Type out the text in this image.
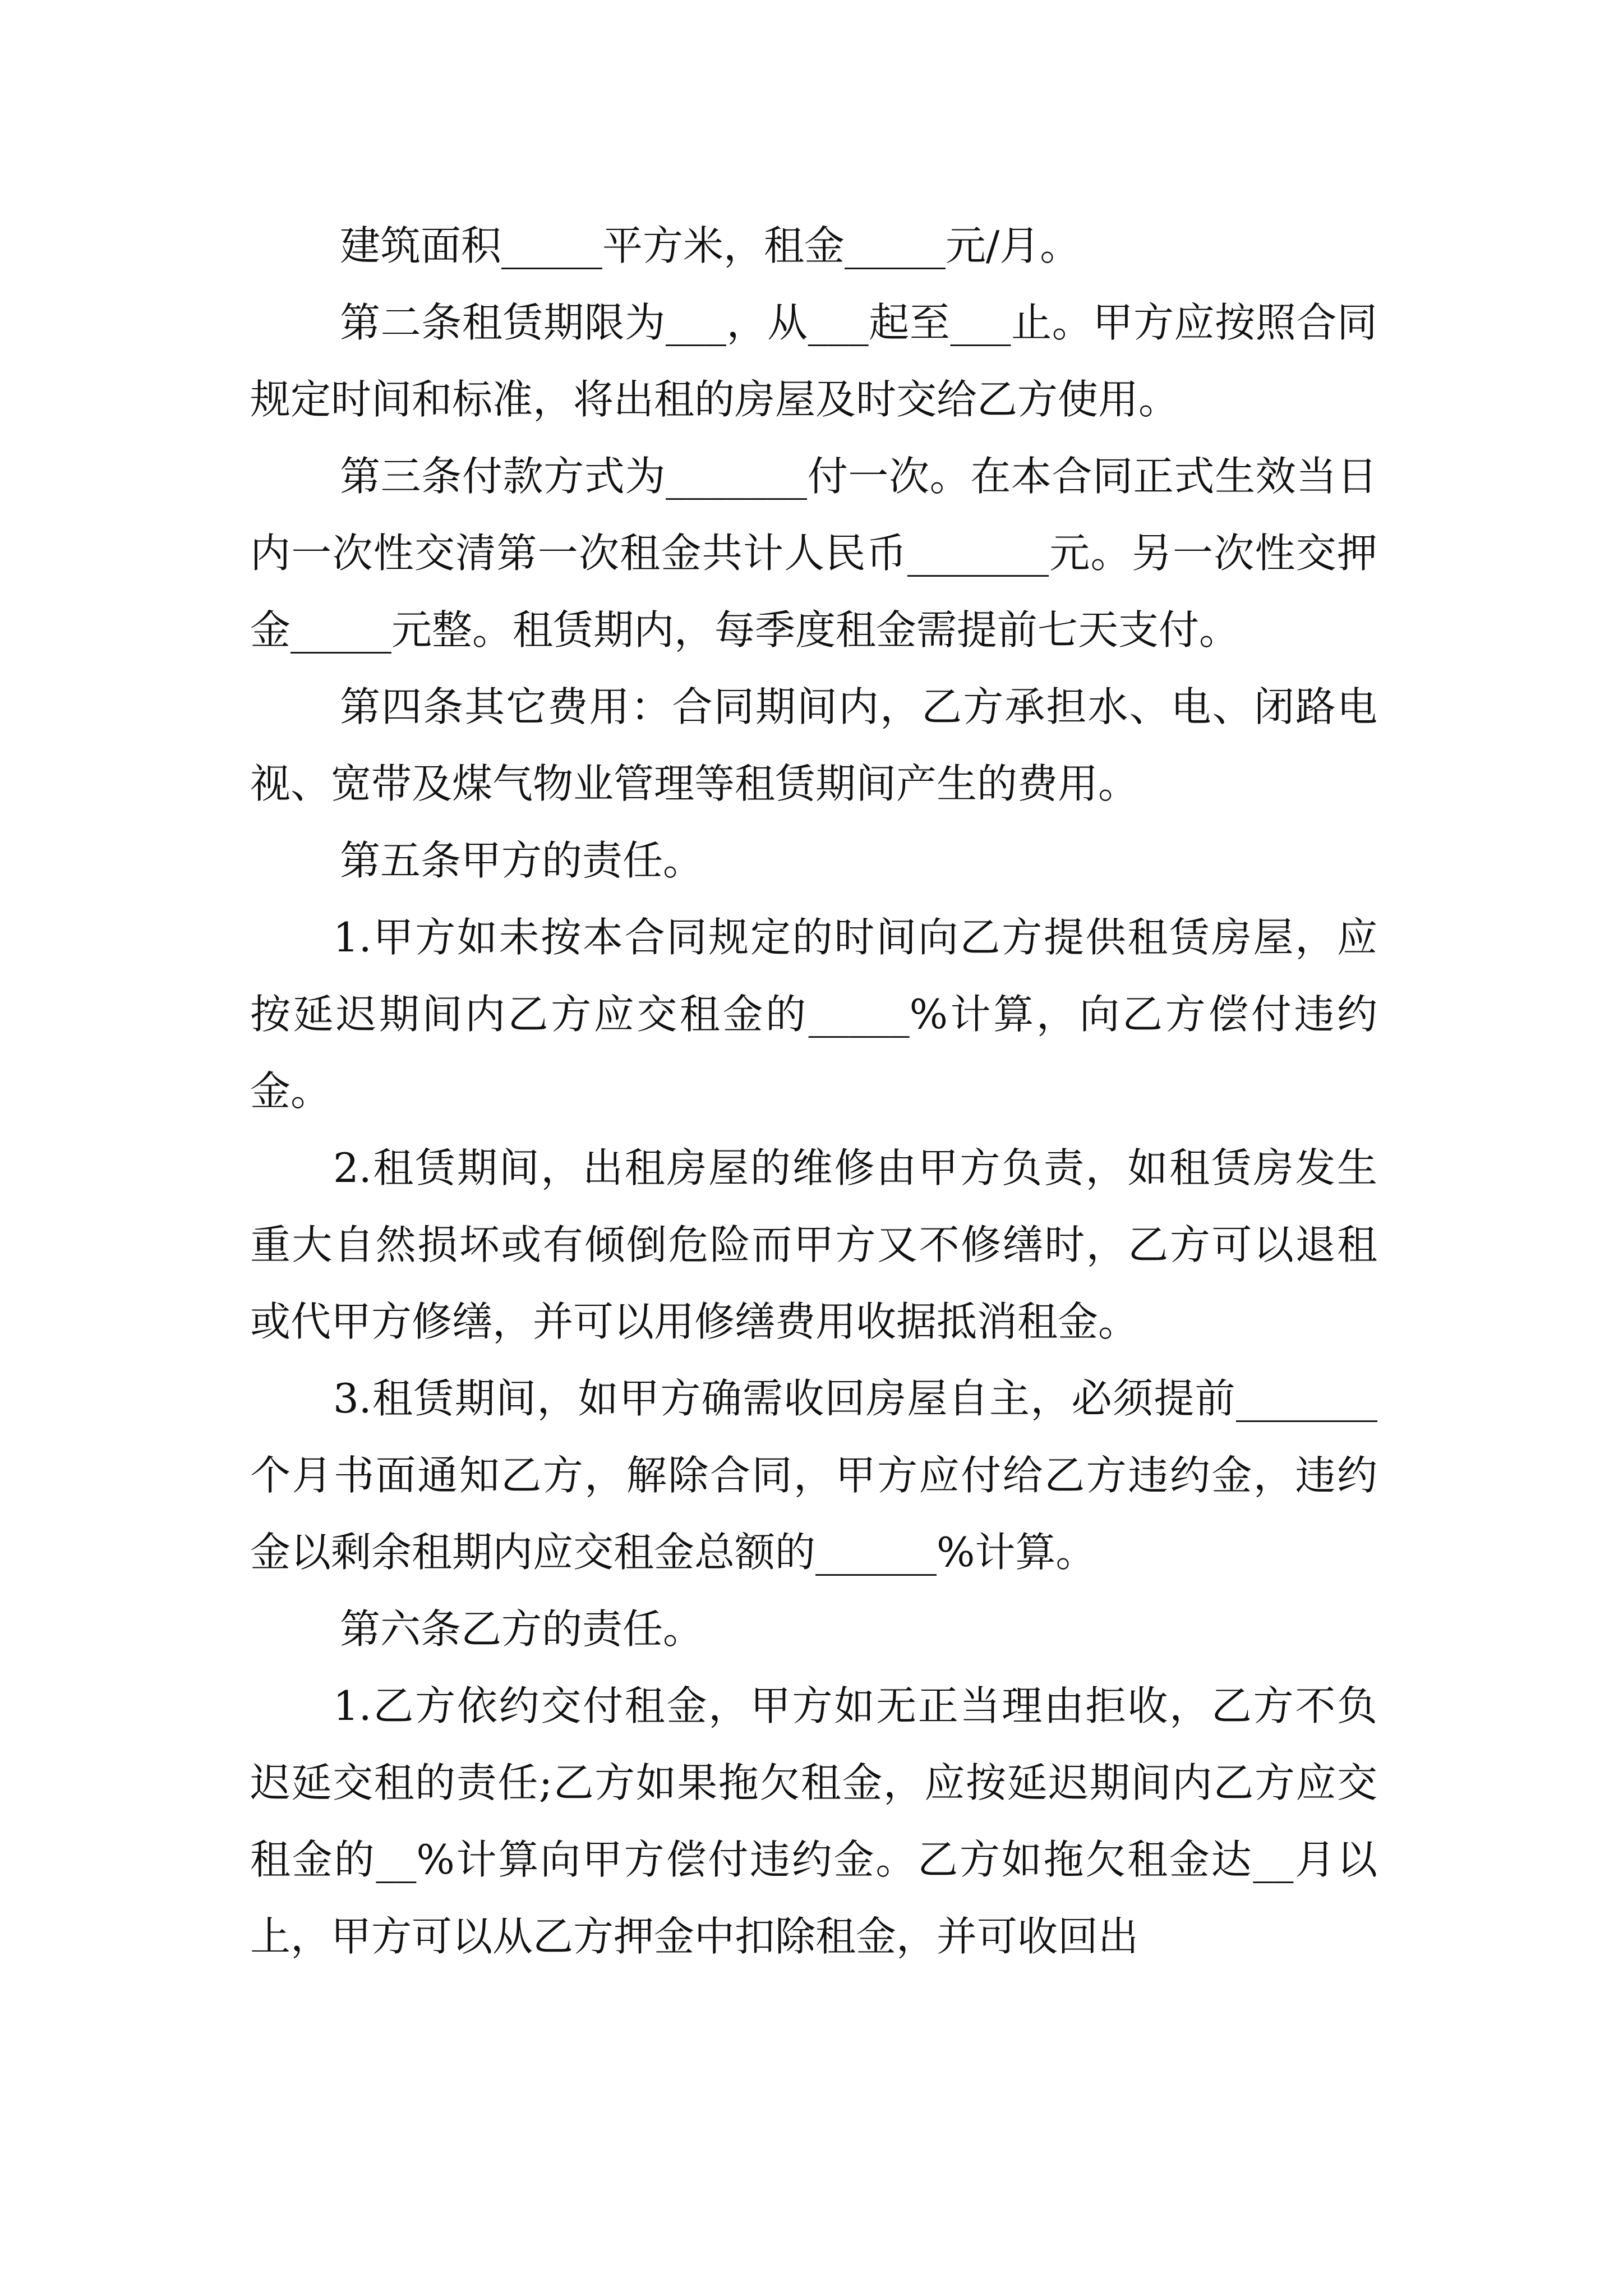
建筑面积_____平方米，租金_____元/月。

第二条租赁期限为___，从___起至___止。甲方应按照合同规定时间和标准，将出租的房屋及时交给乙方使用。

第三条付款方式为_______付一次。在本合同正式生效当日内一次性交清第一次租金共计人民币_______元。另一次性交押金_____元整。租赁期内，每季度租金需提前七天支付。

第四条其它费用：合同期间内，乙方承担水、电、闭路电视、宽带及煤气物业管理等租赁期间产生的费用。

第五条甲方的责任。

1.甲方如未按本合同规定的时间向乙方提供租赁房屋，应按延迟期间内乙方应交租金的_____%计算，向乙方偿付违约金。

2.租赁期间，出租房屋的维修由甲方负责，如租赁房发生重大自然损坏或有倾倒危险而甲方又不修缮时，乙方可以退租或代甲方修缮，并可以用修缮费用收据抵消租金。

3.租赁期间，如甲方确需收回房屋自主，必须提前_______个月书面通知乙方，解除合同，甲方应付给乙方违约金，违约金以剩余租期内应交租金总额的______%计算。

第六条乙方的责任。

1.乙方依约交付租金，甲方如无正当理由拒收，乙方不负迟延交租的责任;乙方如果拖欠租金，应按延迟期间内乙方应交租金的__%计算向甲方偿付违约金。乙方如拖欠租金达__月以上，甲方可以从乙方押金中扣除租金，并可收回出
